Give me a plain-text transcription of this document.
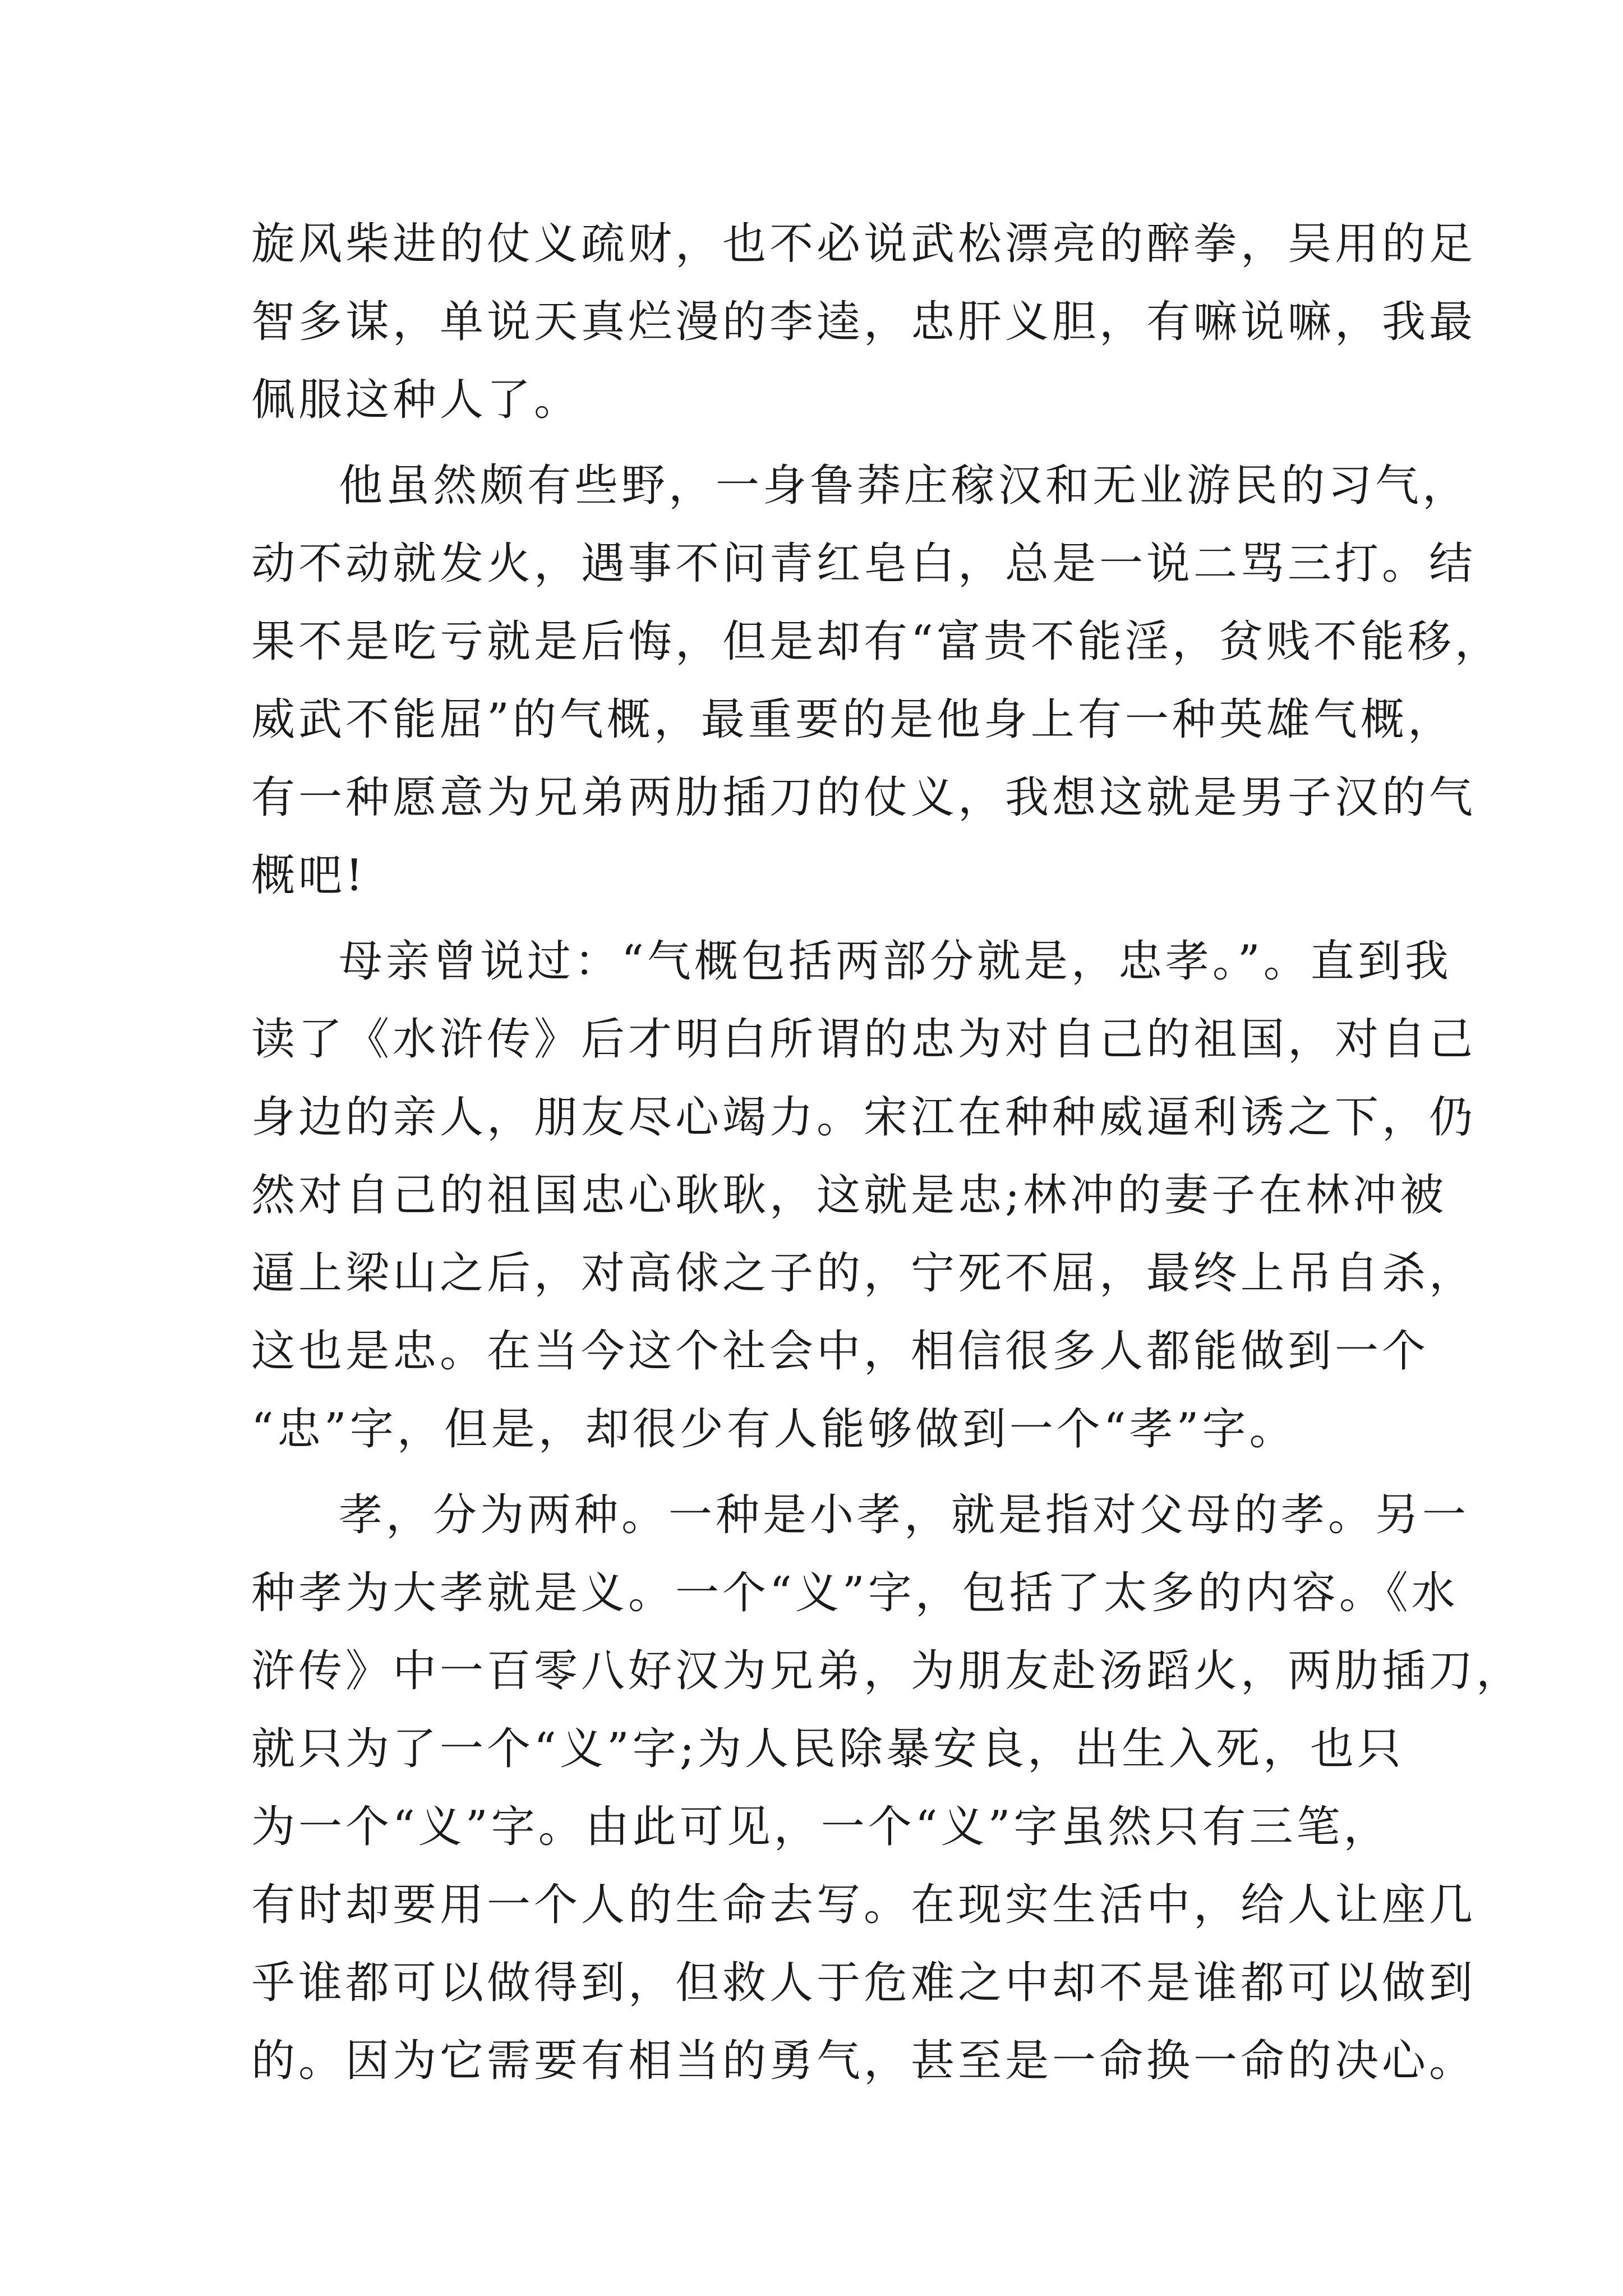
旋风柴进的仗义疏财，也不必说武松漂亮的醉拳，吴用的足
智多谋，单说天真烂漫的李逵，忠肝义胆，有嘛说嘛，我最
佩服这种人了。
他虽然颇有些野，一身鲁莽庄稼汉和无业游民的习气，
动不动就发火，遇事不问青红皂白，总是一说二骂三打。结
果不是吃亏就是后悔，但是却有“富贵不能淫，贫贱不能移，
威武不能屈”的气概，最重要的是他身上有一种英雄气概，
有一种愿意为兄弟两肋插刀的仗义，我想这就是男子汉的气
概吧!
母亲曾说过：“气概包括两部分就是，忠孝。”。直到我
读了《水浒传》后才明白所谓的忠为对自己的祖国，对自己
身边的亲人，朋友尽心竭力。宋江在种种威逼利诱之下，仍
然对自己的祖国忠心耿耿，这就是忠;林冲的妻子在林冲被
逼上梁山之后，对高俅之子的，宁死不屈，最终上吊自杀，
这也是忠。在当今这个社会中，相信很多人都能做到一个
“忠”字，但是，却很少有人能够做到一个“孝”字。
孝，分为两种。一种是小孝，就是指对父母的孝。另一
种孝为大孝就是义。一个“义”字，包括了太多的内容。《水
浒传》中一百零八好汉为兄弟，为朋友赴汤蹈火，两肋插刀，
就只为了一个“义”字;为人民除暴安良，出生入死，也只
为一个“义”字。由此可见，一个“义”字虽然只有三笔，
有时却要用一个人的生命去写。在现实生活中，给人让座几
乎谁都可以做得到，但救人于危难之中却不是谁都可以做到
的。因为它需要有相当的勇气，甚至是一命换一命的决心。
